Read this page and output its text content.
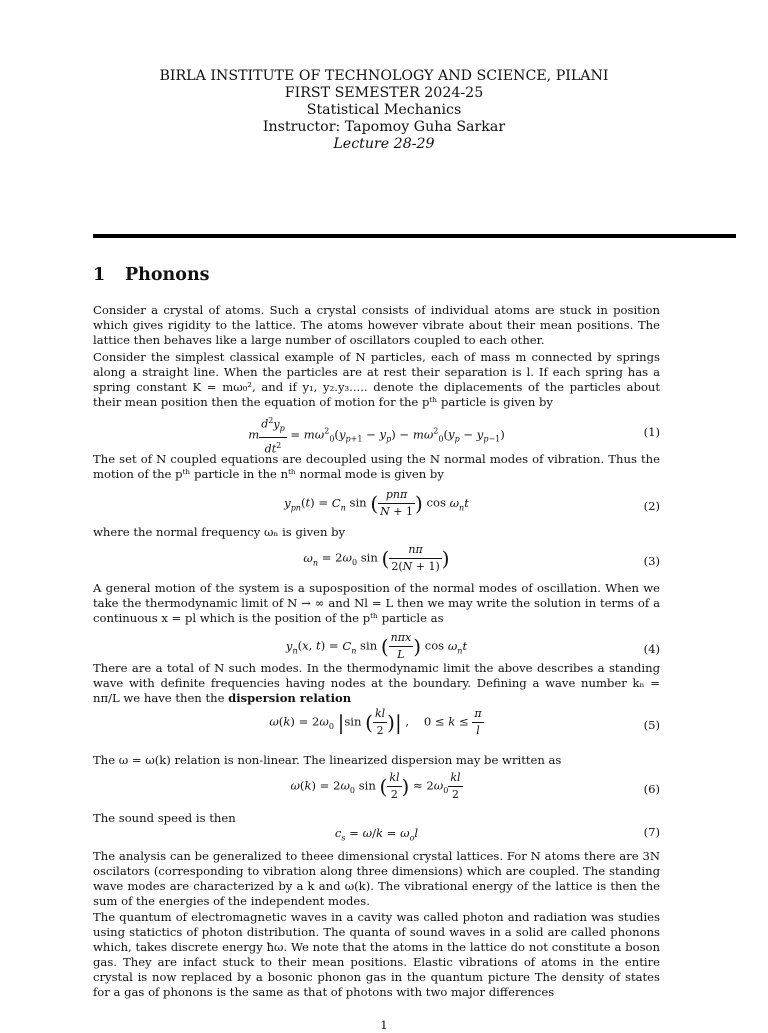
BIRLA INSTITUTE OF TECHNOLOGY AND SCIENCE, PILANI
FIRST SEMESTER 2024-25
Statistical Mechanics
Instructor: Tapomoy Guha Sarkar
Lecture 28-29
1 Phonons
Consider a crystal of atoms. Such a crystal consists of individual atoms are stuck in position which gives rigidity to the lattice. The atoms however vibrate about their mean positions. The lattice then behaves like a large number of oscillators coupled to each other.
Consider the simplest classical example of N particles, each of mass m connected by springs along a straight line. When the particles are at rest their separation is l. If each spring has a spring constant K = mω₀², and if y₁, y₂.y₃..... denote the diplacements of the particles about their mean position then the equation of motion for the pᵗʰ particle is given by
m $\frac{d^2y_p}{dt^2} = m\omega^2_0(y_{p+1} - y_p) - m\omega^2_0(y_p - y_{p-1})$	(1)
The set of N coupled equations are decoupled using the N normal modes of vibration. Thus the motion of the pᵗʰ particle in the nᵗʰ normal mode is given by
$y_{pn}(t) = C_n$ sin ( $\frac{\text{pnπ}}{N + 1}$ ) $\cos \omega_nt$	(2)
where the normal frequency ωₙ is given by
$\omega_n = 2\omega_0$ sin ( $\frac{n\pi}{2(N + 1)}$ )	(3)
A general motion of the system is a suposposition of the normal modes of oscillation. When we take the thermodynamic limit of N → ∞ and Nl = L then we may write the solution in terms of a continuous x = pl which is the position of the pᵗʰ particle as
$y_n(x$, $t) = C_n$ sin ( $\frac{\text{nπx}}{L}$ ) $\cos \omega_nt$	(4)
There are a total of N such modes. In the thermodynamic limit the above describes a standing wave with definite frequencies having nodes at the boundary. Defining a wave number kₙ = nπ/L we have then the dispersion relation
$\omega(k) = 2\omega_0$ |sin ( $\frac{kl}{2}$ )| ,    $0 \le k \le \frac{\pi}{l}$	(5)
The ω = ω(k) relation is non-linear. The linearized dispersion may be written as
$\omega(k) = 2\omega_0$ sin ( $\frac{kl}{2}$ ) ≈ $2\omega_0 \frac{kl}{2}$	(6)
The sound speed is then
$c_s = \omega/k = \omega_ol$	(7)
The analysis can be generalized to theee dimensional crystal lattices. For N atoms there are 3N oscilators (corresponding to vibration along three dimensions) which are coupled. The standing wave modes are characterized by a k and ω(k). The vibrational energy of the lattice is then the sum of the energies of the independent modes.
The quantum of electromagnetic waves in a cavity was called photon and radiation was studies using statictics of photon distribution. The quanta of sound waves in a solid are called phonons which, takes discrete energy ħω. We note that the atoms in the lattice do not constitute a boson gas. They are infact stuck to their mean positions. Elastic vibrations of atoms in the entire crystal is now replaced by a bosonic phonon gas in the quantum picture The density of states for a gas of phonons is the same as that of photons with two major differences
1
